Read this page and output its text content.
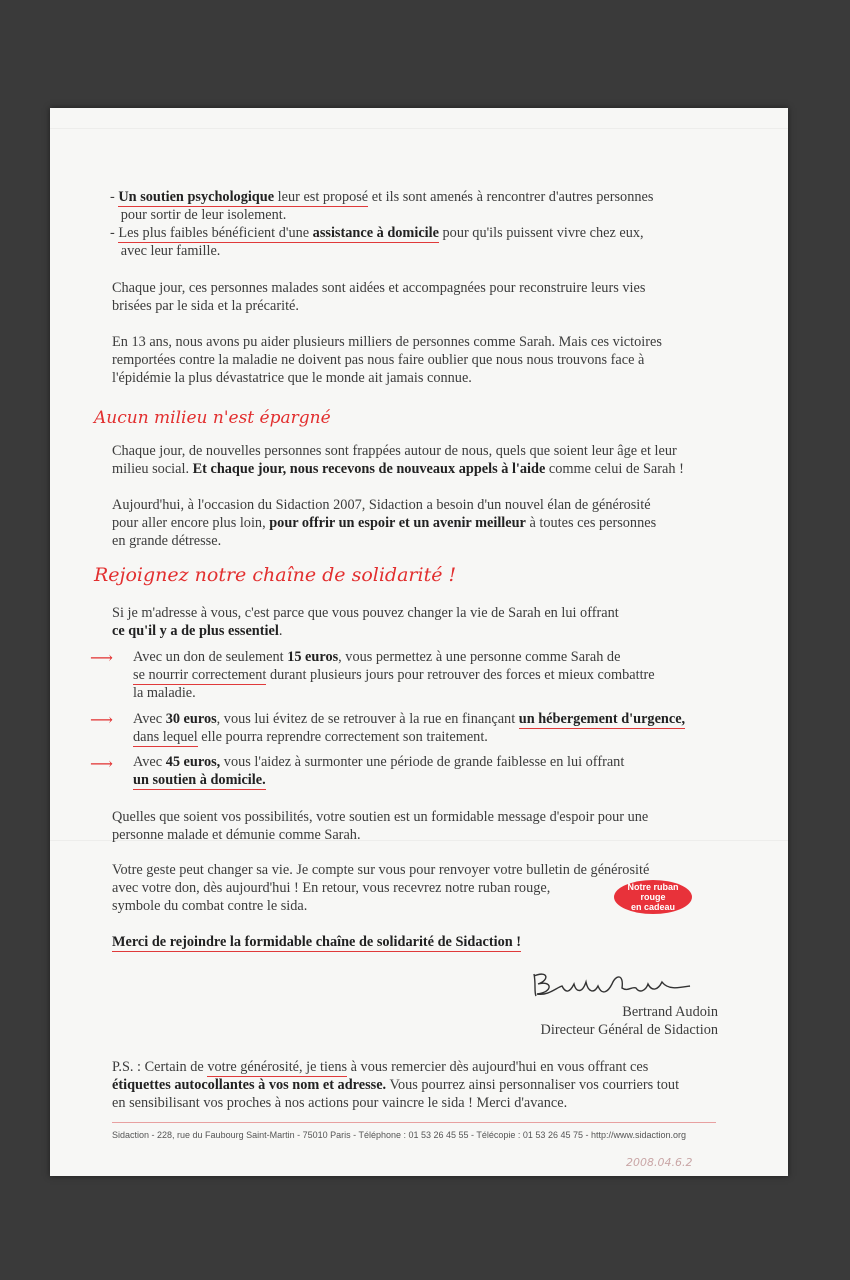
- Un soutien psychologique leur est proposé et ils sont amenés à rencontrer d'autres personnes
pour sortir de leur isolement.

- Les plus faibles bénéficient d'une assistance à domicile pour qu'ils puissent vivre chez eux,
avec leur famille.

Chaque jour, ces personnes malades sont aidées et accompagnées pour reconstruire leurs vies
brisées par le sida et la précarité.

En 13 ans, nous avons pu aider plusieurs milliers de personnes comme Sarah. Mais ces victoires
remportées contre la maladie ne doivent pas nous faire oublier que nous nous trouvons face à
l'épidémie la plus dévastatrice que le monde ait jamais connue.

Aucun milieu n'est épargné

Chaque jour, de nouvelles personnes sont frappées autour de nous, quels que soient leur âge et leur
milieu social. Et chaque jour, nous recevons de nouveaux appels à l'aide comme celui de Sarah !

Aujourd'hui, à l'occasion du Sidaction 2007, Sidaction a besoin d'un nouvel élan de générosité
pour aller encore plus loin, pour offrir un espoir et un avenir meilleur à toutes ces personnes
en grande détresse.

Rejoignez notre chaîne de solidarité !

Si je m'adresse à vous, c'est parce que vous pouvez changer la vie de Sarah en lui offrant
ce qu'il y a de plus essentiel.

⟶ Avec un don de seulement 15 euros, vous permettez à une personne comme Sarah de
se nourrir correctement durant plusieurs jours pour retrouver des forces et mieux combattre
la maladie.

⟶ Avec 30 euros, vous lui évitez de se retrouver à la rue en finançant un hébergement d'urgence,
dans lequel elle pourra reprendre correctement son traitement.

⟶ Avec 45 euros, vous l'aidez à surmonter une période de grande faiblesse en lui offrant
un soutien à domicile.

Quelles que soient vos possibilités, votre soutien est un formidable message d'espoir pour une
personne malade et démunie comme Sarah.

Votre geste peut changer sa vie. Je compte sur vous pour renvoyer votre bulletin de générosité
avec votre don, dès aujourd'hui ! En retour, vous recevrez notre ruban rouge,
symbole du combat contre le sida.

Notre ruban rouge
en cadeau

Merci de rejoindre la formidable chaîne de solidarité de Sidaction !

Bertrand Audoin
Directeur Général de Sidaction

P.S. : Certain de votre générosité, je tiens à vous remercier dès aujourd'hui en vous offrant ces
étiquettes autocollantes à vos nom et adresse. Vous pourrez ainsi personnaliser vos courriers tout
en sensibilisant vos proches à nos actions pour vaincre le sida ! Merci d'avance.

Sidaction - 228, rue du Faubourg Saint-Martin - 75010 Paris - Téléphone : 01 53 26 45 55 - Télécopie : 01 53 26 45 75 - http://www.sidaction.org
2008.04.6.2
